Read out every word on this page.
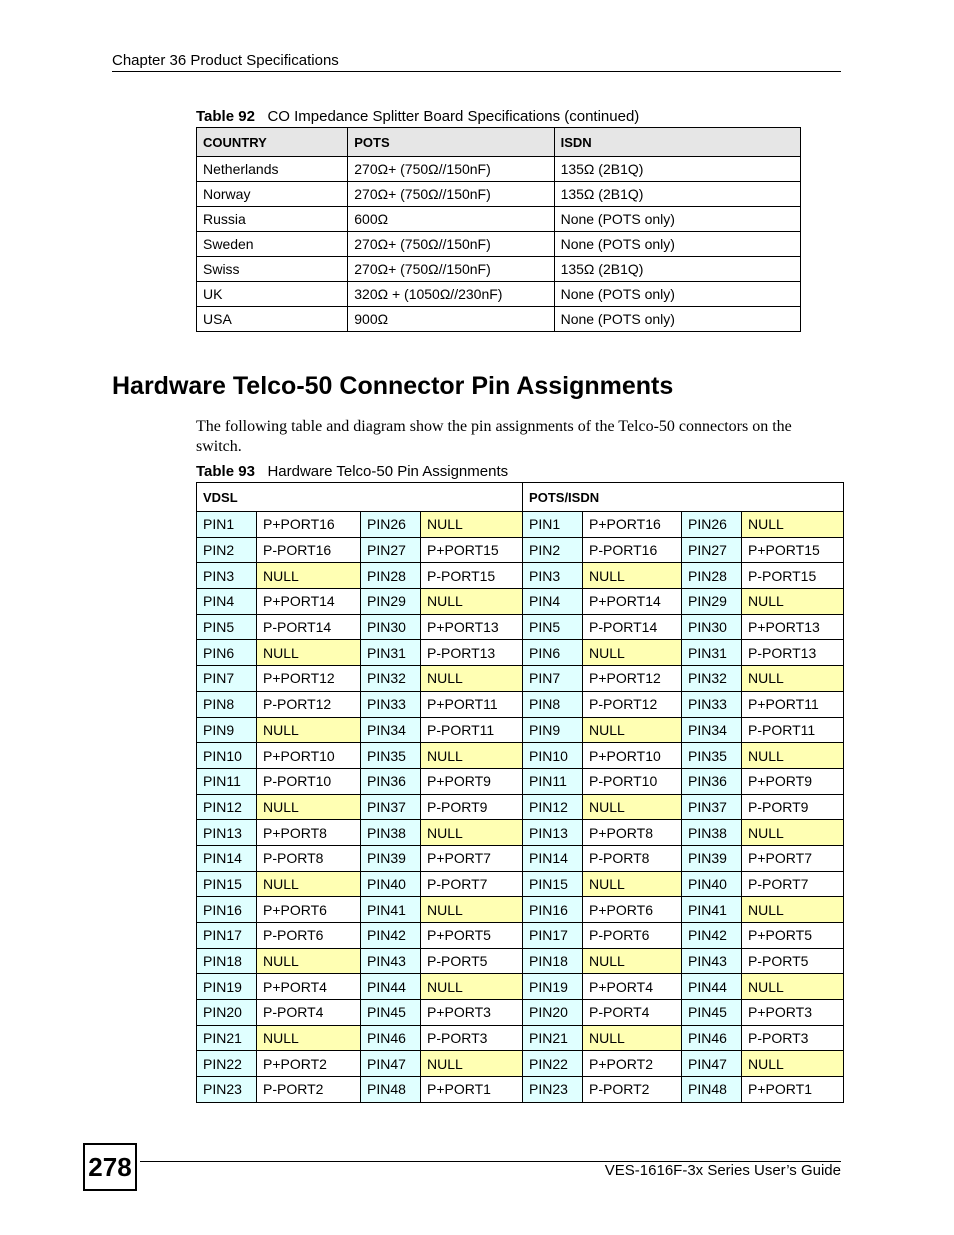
Chapter 36 Product Specifications
Table 92 CO Impedance Splitter Board Specifications (continued)
COUNTRY	POTS	ISDN
Netherlands	270Ω+ (750Ω//150nF)	135Ω (2B1Q)
Norway	270Ω+ (750Ω//150nF)	135Ω (2B1Q)
Russia	600Ω	None (POTS only)
Sweden	270Ω+ (750Ω//150nF)	None (POTS only)
Swiss	270Ω+ (750Ω//150nF)	135Ω (2B1Q)
UK	320Ω + (1050Ω//230nF)	None (POTS only)
USA	900Ω	None (POTS only)
Hardware Telco-50 Connector Pin Assignments
The following table and diagram show the pin assignments of the Telco-50 connectors on the switch.
Table 93 Hardware Telco-50 Pin Assignments
VDSL				POTS/ISDN			
PIN1	P+PORT16	PIN26	NULL	PIN1	P+PORT16	PIN26	NULL
PIN2	P-PORT16	PIN27	P+PORT15	PIN2	P-PORT16	PIN27	P+PORT15
PIN3	NULL	PIN28	P-PORT15	PIN3	NULL	PIN28	P-PORT15
PIN4	P+PORT14	PIN29	NULL	PIN4	P+PORT14	PIN29	NULL
PIN5	P-PORT14	PIN30	P+PORT13	PIN5	P-PORT14	PIN30	P+PORT13
PIN6	NULL	PIN31	P-PORT13	PIN6	NULL	PIN31	P-PORT13
PIN7	P+PORT12	PIN32	NULL	PIN7	P+PORT12	PIN32	NULL
PIN8	P-PORT12	PIN33	P+PORT11	PIN8	P-PORT12	PIN33	P+PORT11
PIN9	NULL	PIN34	P-PORT11	PIN9	NULL	PIN34	P-PORT11
PIN10	P+PORT10	PIN35	NULL	PIN10	P+PORT10	PIN35	NULL
PIN11	P-PORT10	PIN36	P+PORT9	PIN11	P-PORT10	PIN36	P+PORT9
PIN12	NULL	PIN37	P-PORT9	PIN12	NULL	PIN37	P-PORT9
PIN13	P+PORT8	PIN38	NULL	PIN13	P+PORT8	PIN38	NULL
PIN14	P-PORT8	PIN39	P+PORT7	PIN14	P-PORT8	PIN39	P+PORT7
PIN15	NULL	PIN40	P-PORT7	PIN15	NULL	PIN40	P-PORT7
PIN16	P+PORT6	PIN41	NULL	PIN16	P+PORT6	PIN41	NULL
PIN17	P-PORT6	PIN42	P+PORT5	PIN17	P-PORT6	PIN42	P+PORT5
PIN18	NULL	PIN43	P-PORT5	PIN18	NULL	PIN43	P-PORT5
PIN19	P+PORT4	PIN44	NULL	PIN19	P+PORT4	PIN44	NULL
PIN20	P-PORT4	PIN45	P+PORT3	PIN20	P-PORT4	PIN45	P+PORT3
PIN21	NULL	PIN46	P-PORT3	PIN21	NULL	PIN46	P-PORT3
PIN22	P+PORT2	PIN47	NULL	PIN22	P+PORT2	PIN47	NULL
PIN23	P-PORT2	PIN48	P+PORT1	PIN23	P-PORT2	PIN48	P+PORT1
278	VES-1616F-3x Series User’s Guide
